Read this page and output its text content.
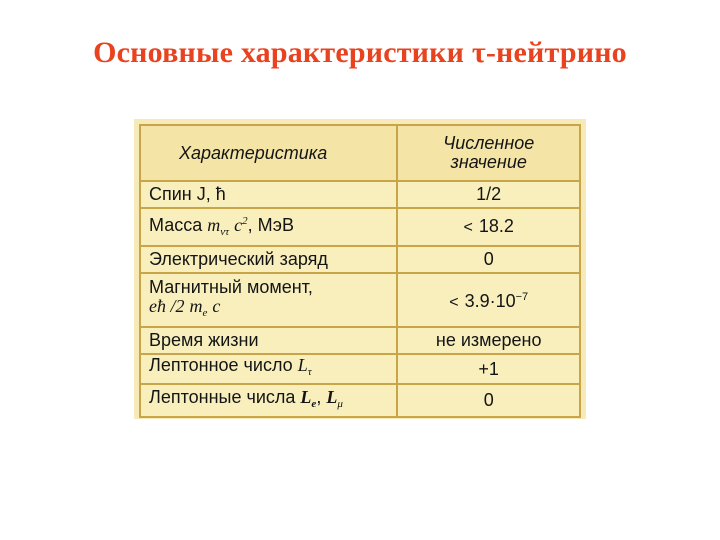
Основные характеристики τ-нейтрино
Характеристика	Численное
значение

Спин J, ħ	1/2
Масса $m_{\nu\tau}$ $c^2$, МэВ	< 18.2
Электрический заряд	0

Магнитный момент,
eħ /2 $m_e$ c	< $3.9\cdot 10^{-7}$
Время жизни	не измерено
Лептонное число $L_\tau$	+1
Лептонные числа $L_e$, $L_\mu$	0
